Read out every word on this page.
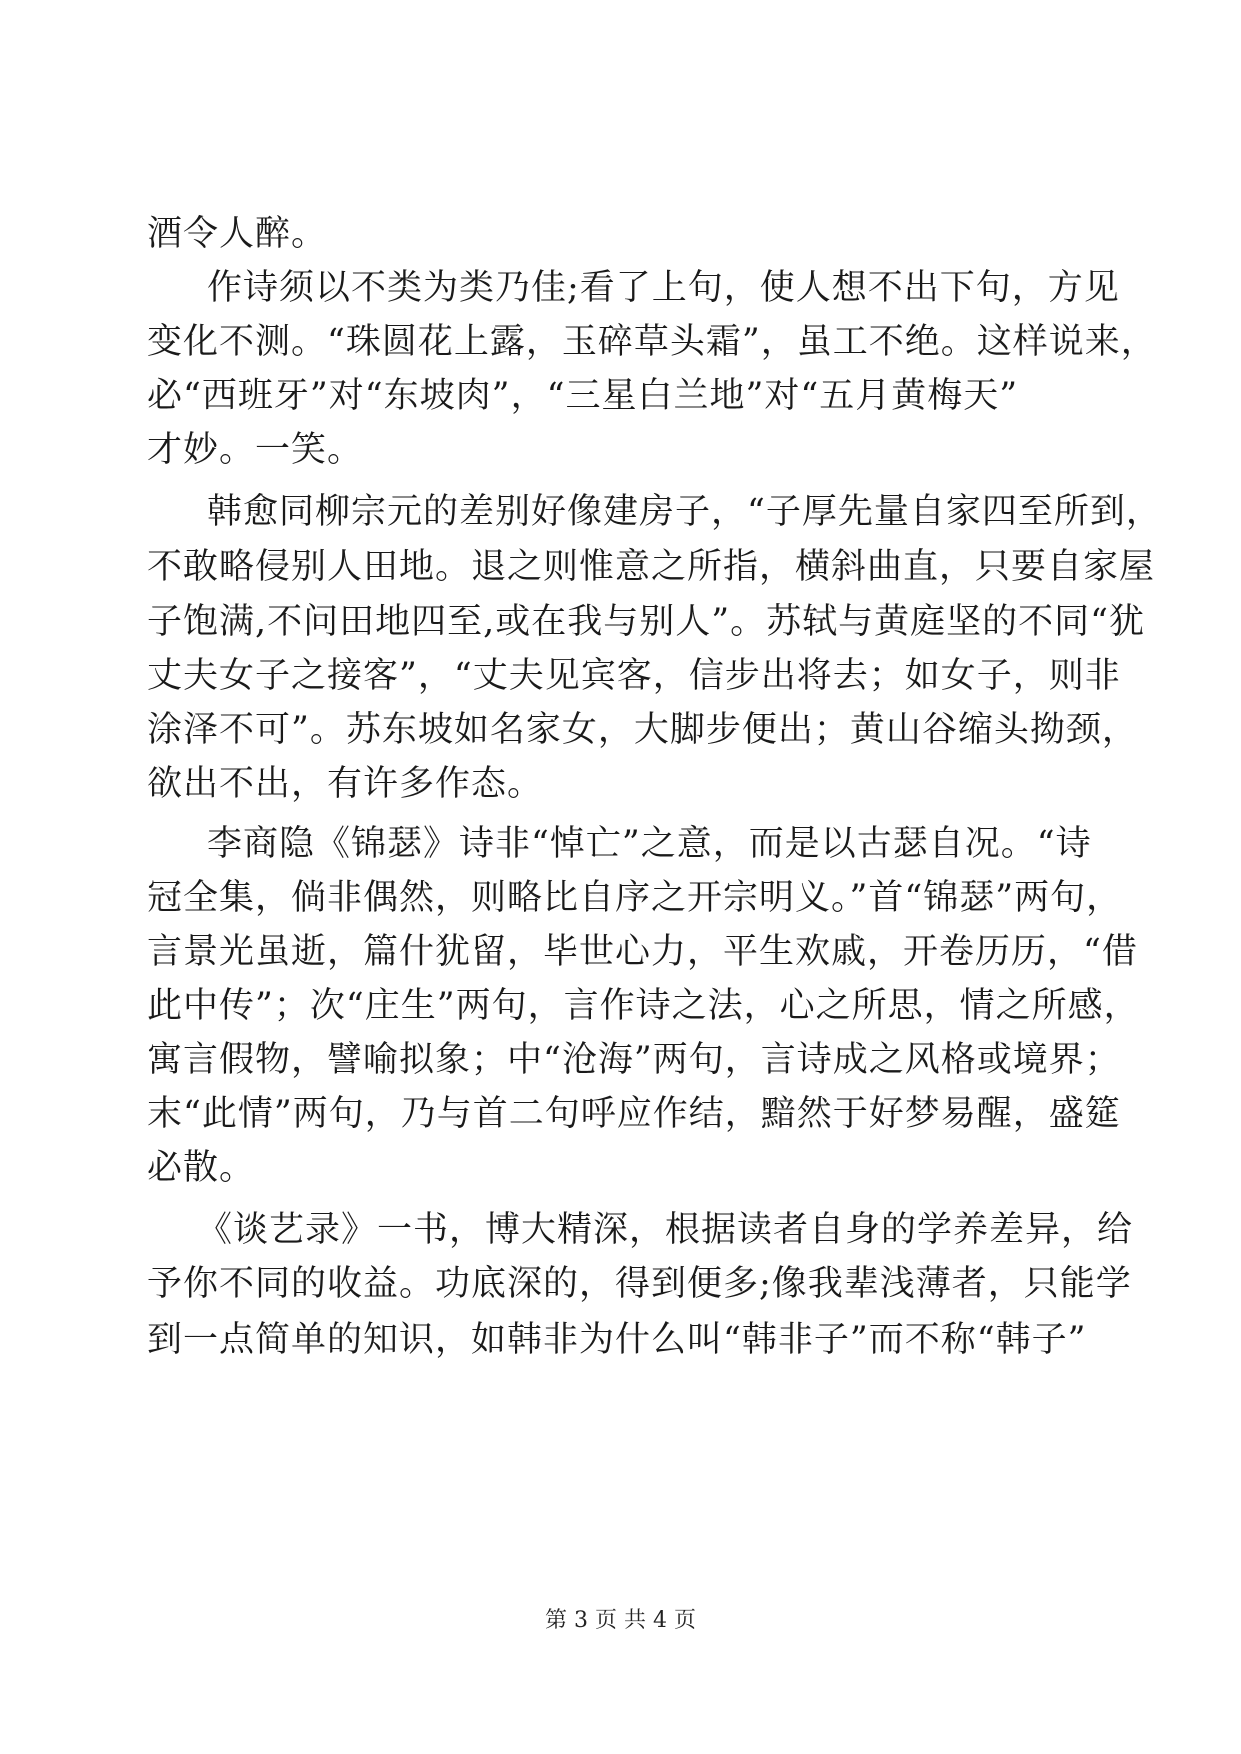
酒令人醉。
作诗须以不类为类乃佳;看了上句，使人想不出下句，方见
变化不测。“珠圆花上露，玉碎草头霜”，虽工不绝。这样说来，
必“西班牙”对“东坡肉”，“三星白兰地”对“五月黄梅天”
才妙。一笑。
韩愈同柳宗元的差别好像建房子，“子厚先量自家四至所到，
不敢略侵别人田地。退之则惟意之所指，横斜曲直，只要自家屋
子饱满,不问田地四至,或在我与别人”。苏轼与黄庭坚的不同“犹
丈夫女子之接客”，“丈夫见宾客，信步出将去；如女子，则非
涂泽不可”。苏东坡如名家女，大脚步便出；黄山谷缩头拗颈，
欲出不出，有许多作态。
李商隐《锦瑟》诗非“悼亡”之意，而是以古瑟自况。“诗
冠全集，倘非偶然，则略比自序之开宗明义。”首“锦瑟”两句，
言景光虽逝，篇什犹留，毕世心力，平生欢戚，开卷历历，“借
此中传”；次“庄生”两句，言作诗之法，心之所思，情之所感，
寓言假物，譬喻拟象；中“沧海”两句，言诗成之风格或境界；
末“此情”两句，乃与首二句呼应作结，黯然于好梦易醒，盛筵
必散。
《谈艺录》一书，博大精深，根据读者自身的学养差异，给
予你不同的收益。功底深的，得到便多;像我辈浅薄者，只能学
到一点简单的知识，如韩非为什么叫“韩非子”而不称“韩子”
第 3 页 共 4 页
